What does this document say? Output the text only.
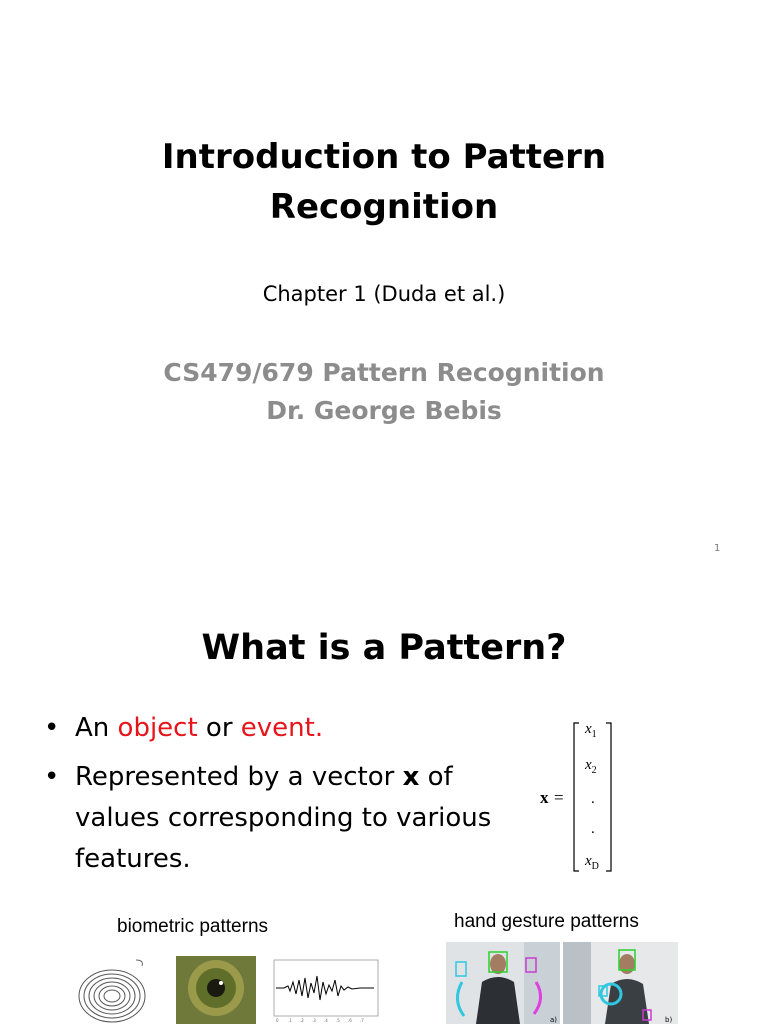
Introduction to Pattern
Recognition
Chapter 1 (Duda et al.)
CS479/679 Pattern Recognition
Dr. George Bebis
1
What is a Pattern?
• An object or event.
• Represented by a vector x of values corresponding to various features.
x =
$x_1$
$x_2$
.
.
$x_D$
biometric patterns	hand gesture patterns
0 .1 .2 .3 .4 .5 .6 .7	a)	b)
